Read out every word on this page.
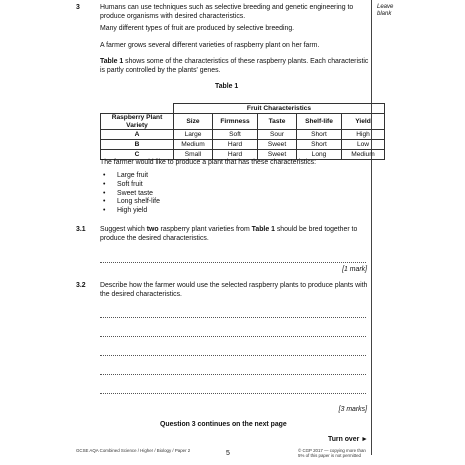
Leave
blank
3	Humans can use techniques such as selective breeding and genetic engineering to produce organisms with desired characteristics.
Many different types of fruit are produced by selective breeding.
A farmer grows several different varieties of raspberry plant on her farm.
Table 1 shows some of the characteristics of these raspberry plants. Each characteristic is partly controlled by the plants' genes.
Table 1
	Fruit Characteristics				
Raspberry Plant Variety	Size	Firmness	Taste	Shelf-life	Yield
A	Large	Soft	Sour	Short	High
B	Medium	Hard	Sweet	Short	Low
C	Small	Hard	Sweet	Long	Medium
The farmer would like to produce a plant that has these characteristics:
• Large fruit
• Soft fruit
• Sweet taste
• Long shelf-life
• High yield
3.1 Suggest which two raspberry plant varieties from Table 1 should be bred together to produce the desired characteristics.
[1 mark]
3.2 Describe how the farmer would use the selected raspberry plants to produce plants with the desired characteristics.
[3 marks]
Question 3 continues on the next page
Turn over ►
GCSE AQA Combined Science / Higher / Biology / Paper 2	5	© CGP 2017 — copying more than 5% of this paper is not permitted
